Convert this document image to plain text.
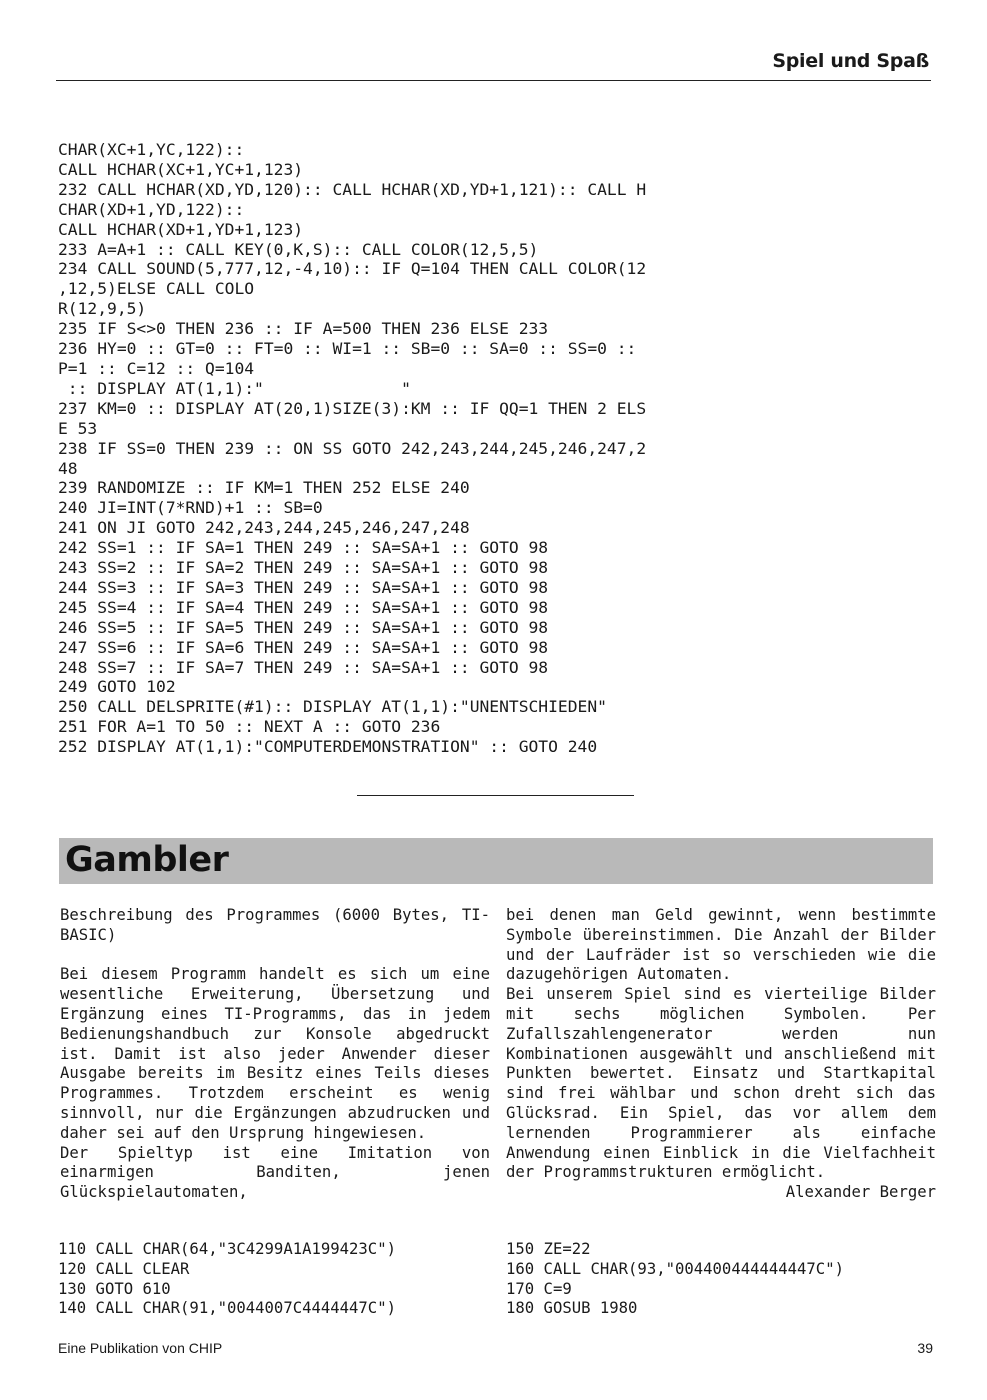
Spiel und Spaß
CHAR(XC+1,YC,122)::
CALL HCHAR(XC+1,YC+1,123)
232 CALL HCHAR(XD,YD,120):: CALL HCHAR(XD,YD+1,121):: CALL H
CHAR(XD+1,YD,122)::
CALL HCHAR(XD+1,YD+1,123)
233 A=A+1 :: CALL KEY(0,K,S):: CALL COLOR(12,5,5)
234 CALL SOUND(5,777,12,-4,10):: IF Q=104 THEN CALL COLOR(12
,12,5)ELSE CALL COLO
R(12,9,5)
235 IF S<>0 THEN 236 :: IF A=500 THEN 236 ELSE 233
236 HY=0 :: GT=0 :: FT=0 :: WI=1 :: SB=0 :: SA=0 :: SS=0 ::
P=1 :: C=12 :: Q=104
:: DISPLAY AT(1,1):"              "
237 KM=0 :: DISPLAY AT(20,1)SIZE(3):KM :: IF QQ=1 THEN 2 ELS
E 53
238 IF SS=0 THEN 239 :: ON SS GOTO 242,243,244,245,246,247,2
48
239 RANDOMIZE :: IF KM=1 THEN 252 ELSE 240
240 JI=INT(7*RND)+1 :: SB=0
241 ON JI GOTO 242,243,244,245,246,247,248
242 SS=1 :: IF SA=1 THEN 249 :: SA=SA+1 :: GOTO 98
243 SS=2 :: IF SA=2 THEN 249 :: SA=SA+1 :: GOTO 98
244 SS=3 :: IF SA=3 THEN 249 :: SA=SA+1 :: GOTO 98
245 SS=4 :: IF SA=4 THEN 249 :: SA=SA+1 :: GOTO 98
246 SS=5 :: IF SA=5 THEN 249 :: SA=SA+1 :: GOTO 98
247 SS=6 :: IF SA=6 THEN 249 :: SA=SA+1 :: GOTO 98
248 SS=7 :: IF SA=7 THEN 249 :: SA=SA+1 :: GOTO 98
249 GOTO 102
250 CALL DELSPRITE(#1):: DISPLAY AT(1,1):"UNENTSCHIEDEN"
251 FOR A=1 TO 50 :: NEXT A :: GOTO 236
252 DISPLAY AT(1,1):"COMPUTERDEMONSTRATION" :: GOTO 240
Gambler

Beschreibung des Programmes (6000 Bytes, TI-BASIC)

Bei diesem Programm handelt es sich um eine wesentliche Erweiterung, Übersetzung und Ergänzung eines TI-Programms, das in jedem Bedienungshandbuch zur Konsole abgedruckt ist. Damit ist also jeder Anwender dieser Ausgabe bereits im Besitz eines Teils dieses Programmes. Trotzdem erscheint es wenig sinnvoll, nur die Ergänzungen abzudrucken und daher sei auf den Ursprung hingewiesen.

Der Spieltyp ist eine Imitation von einarmigen Banditen, jenen Glückspielautomaten,

bei denen man Geld gewinnt, wenn bestimmte Symbole übereinstimmen. Die Anzahl der Bilder und der Laufräder ist so verschieden wie die dazugehörigen Automaten.

Bei unserem Spiel sind es vierteilige Bilder mit sechs möglichen Symbolen. Per Zufallszahlengenerator werden nun Kombinationen ausgewählt und anschließend mit Punkten bewertet. Einsatz und Startkapital sind frei wählbar und schon dreht sich das Glücksrad. Ein Spiel, das vor allem dem lernenden Programmierer als einfache Anwendung einen Einblick in die Vielfachheit der Programmstrukturen ermöglicht.

Alexander Berger

110 CALL CHAR(64,"3C4299A1A199423C")
120 CALL CLEAR
130 GOTO 610
140 CALL CHAR(91,"0044007C4444447C")
150 ZE=22
160 CALL CHAR(93,"004400444444447C")
170 C=9
180 GOSUB 1980
Eine Publikation von CHIP	39
